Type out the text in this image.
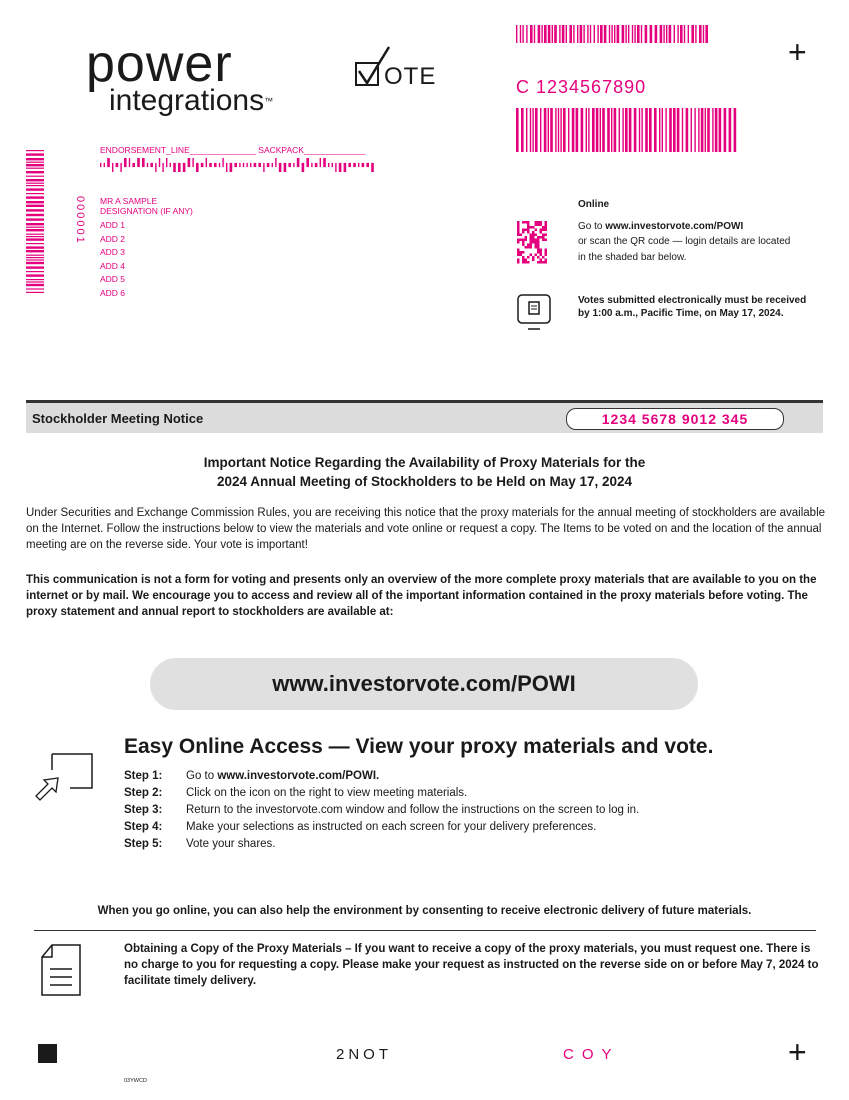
power
integrations™
OTE
+
C 1234567890
ENDORSEMENT_LINE______________ SACKPACK_____________
000001 MR A SAMPLE
DESIGNATION (IF ANY)
ADD 1
ADD 2
ADD 3
ADD 4
ADD 5
ADD 6
Online
Go to www.investorvote.com/POWI
or scan the QR code — login details are located
in the shaded bar below.
Votes submitted electronically must be received
by 1:00 a.m., Pacific Time, on May 17, 2024.
Stockholder Meeting Notice	1234 5678 9012 345
Important Notice Regarding the Availability of Proxy Materials for the
2024 Annual Meeting of Stockholders to be Held on May 17, 2024
Under Securities and Exchange Commission Rules, you are receiving this notice that the proxy materials for the annual meeting of stockholders are available on the Internet. Follow the instructions below to view the materials and vote online or request a copy. The Items to be voted on and the location of the annual meeting are on the reverse side. Your vote is important!
This communication is not a form for voting and presents only an overview of the more complete proxy materials that are available to you on the internet or by mail. We encourage you to access and review all of the important information contained in the proxy materials before voting. The proxy statement and annual report to stockholders are available at:
www.investorvote.com/POWI
Easy Online Access — View your proxy materials and vote.
Step 1: Go to www.investorvote.com/POWI.
Step 2: Click on the icon on the right to view meeting materials.
Step 3: Return to the investorvote.com window and follow the instructions on the screen to log in.
Step 4: Make your selections as instructed on each screen for your delivery preferences.
Step 5: Vote your shares.
When you go online, you can also help the environment by consenting to receive electronic delivery of future materials.
Obtaining a Copy of the Proxy Materials – If you want to receive a copy of the proxy materials, you must request one. There is no charge to you for requesting a copy. Please make your request as instructed on the reverse side on or before May 7, 2024 to facilitate timely delivery.
2NOT	COY	+
03YWCD
